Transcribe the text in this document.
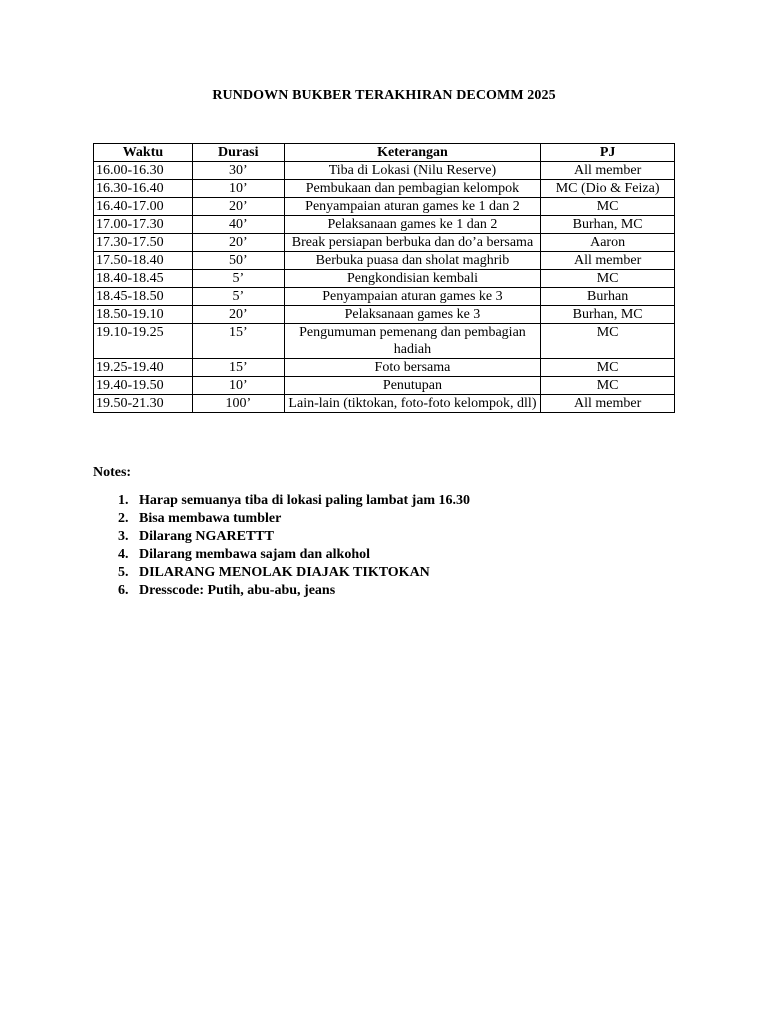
RUNDOWN BUKBER TERAKHIRAN DECOMM 2025
Waktu	Durasi	Keterangan	PJ
16.00-16.30	30’	Tiba di Lokasi (Nilu Reserve)	All member
16.30-16.40	10’	Pembukaan dan pembagian kelompok	MC (Dio & Feiza)
16.40-17.00	20’	Penyampaian aturan games ke 1 dan 2	MC
17.00-17.30	40’	Pelaksanaan games ke 1 dan 2	Burhan, MC
17.30-17.50	20’	Break persiapan berbuka dan do’a bersama	Aaron
17.50-18.40	50’	Berbuka puasa dan sholat maghrib	All member
18.40-18.45	5’	Pengkondisian kembali	MC
18.45-18.50	5’	Penyampaian aturan games ke 3	Burhan
18.50-19.10	20’	Pelaksanaan games ke 3	Burhan, MC
19.10-19.25	15’	Pengumuman pemenang dan pembagian hadiah	MC
19.25-19.40	15’	Foto bersama	MC
19.40-19.50	10’	Penutupan	MC
19.50-21.30	100’	Lain-lain (tiktokan, foto-foto kelompok, dll)	All member
Notes:
1. Harap semuanya tiba di lokasi paling lambat jam 16.30
2. Bisa membawa tumbler
3. Dilarang NGARETTT
4. Dilarang membawa sajam dan alkohol
5. DILARANG MENOLAK DIAJAK TIKTOKAN
6. Dresscode: Putih, abu-abu, jeans
